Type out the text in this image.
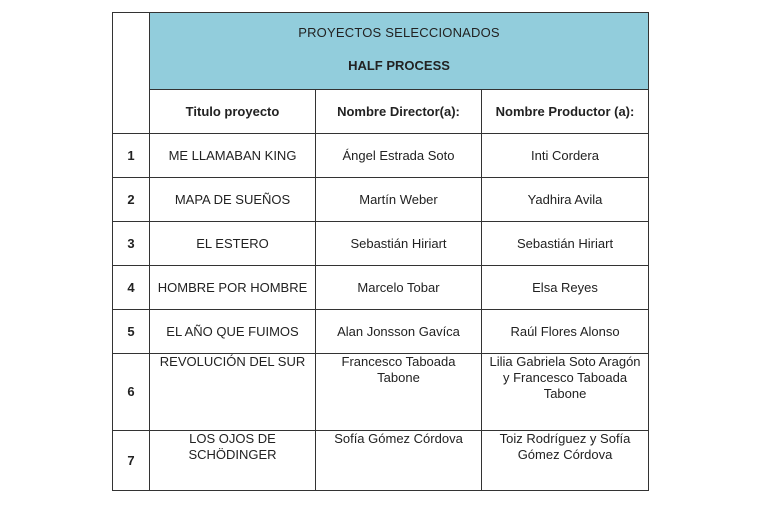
	PROYECTOS SELECCIONADOS
HALF PROCESS		

	Titulo proyecto	Nombre Director(a):	Nombre Productor (a):
1	ME LLAMABAN KING	Ángel Estrada Soto	Inti Cordera
2	MAPA DE SUEÑOS	Martín Weber	Yadhira Avila
3	EL ESTERO	Sebastián Hiriart	Sebastián Hiriart
4	HOMBRE POR HOMBRE	Marcelo Tobar	Elsa Reyes
5	EL AÑO QUE FUIMOS	Alan Jonsson Gavíca	Raúl Flores Alonso
6	REVOLUCIÓN DEL SUR	Francesco Taboada Tabone	Lilia Gabriela Soto Aragón y Francesco Taboada Tabone
7	LOS OJOS DE SCHÖDINGER	Sofía Gómez Córdova	Toiz Rodríguez y Sofía Gómez Córdova
